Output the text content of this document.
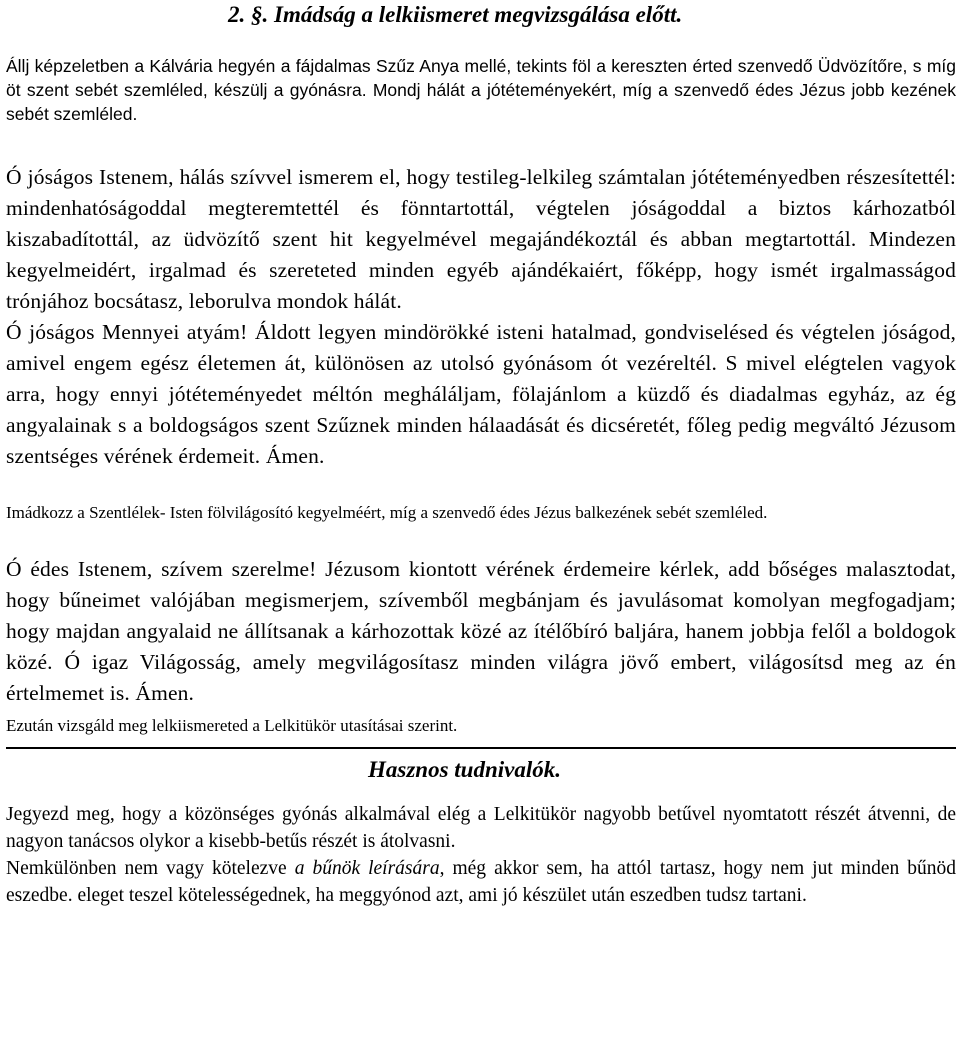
2. §. Imádság a lelkiismeret megvizsgálása előtt.

Állj képzeletben a Kálvária hegyén a fájdalmas Szűz Anya mellé, tekints föl a kereszten érted szenvedő Üdvözítőre, s míg öt szent sebét szemléled, készülj a gyónásra. Mondj hálát a jótéteményekért, míg a szenvedő édes Jézus jobb kezének sebét szemléled.

Ó jóságos Istenem, hálás szívvel ismerem el, hogy testileg-lelkileg számtalan jótéteményedben részesítettél: mindenhatóságoddal megteremtettél és fönntartottál, végtelen jóságoddal a biztos kárhozatból kiszabadítottál, az üdvözítő szent hit kegyelmével megajándékoztál és abban megtartottál. Mindezen kegyelmeidért, irgalmad és szereteted minden egyéb ajándékaiért, főképp, hogy ismét irgalmasságod trónjához bocsátasz, leborulva mondok hálát.

Ó jóságos Mennyei atyám! Áldott legyen mindörökké isteni hatalmad, gondviselésed és végtelen jóságod, amivel engem egész életemen át, különösen az utolsó gyónásom ót vezéreltél. S mivel elégtelen vagyok arra, hogy ennyi jótéteményedet méltón megháláljam, fölajánlom a küzdő és diadalmas egyház, az ég angyalainak s a boldogságos szent Szűznek minden hálaadását és dicséretét, főleg pedig megváltó Jézusom szentséges vérének érdemeit. Ámen.

Imádkozz a Szentlélek- Isten fölvilágosító kegyelméért, míg a szenvedő édes Jézus balkezének sebét szemléled.

Ó édes Istenem, szívem szerelme! Jézusom kiontott vérének érdemeire kérlek, add bőséges malasztodat, hogy bűneimet valójában megismerjem, szívemből megbánjam és javulásomat komolyan megfogadjam; hogy majdan angyalaid ne állítsanak a kárhozottak közé az ítélőbíró baljára, hanem jobbja felől a boldogok közé. Ó igaz Világosság, amely megvilágosítasz minden világra jövő embert, világosítsd meg az én értelmemet is. Ámen.

Ezután vizsgáld meg lelkiismereted a Lelkitükör utasításai szerint.

Hasznos tudnivalók.

Jegyezd meg, hogy a közönséges gyónás alkalmával elég a Lelkitükör nagyobb betűvel nyomtatott részét átvenni, de nagyon tanácsos olykor a kisebb-betűs részét is átolvasni.

Nemkülönben nem vagy kötelezve a bűnök leírására, még akkor sem, ha attól tartasz, hogy nem jut minden bűnöd eszedbe. eleget teszel kötelességednek, ha meggyónod azt, ami jó készület után eszedben tudsz tartani.
